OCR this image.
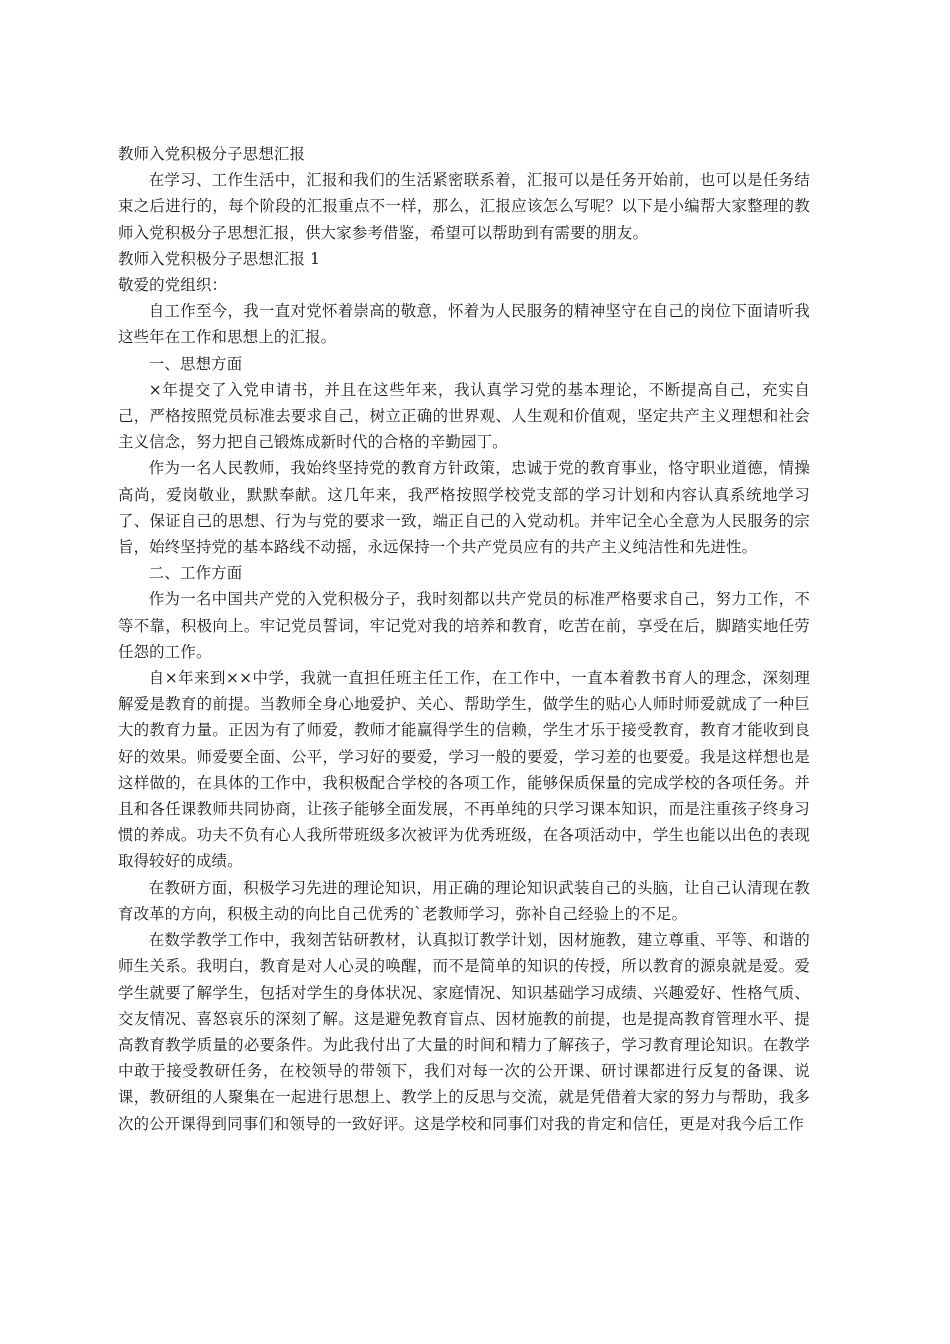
教师入党积极分子思想汇报

在学习、工作生活中，汇报和我们的生活紧密联系着，汇报可以是任务开始前，也可以是任务结束之后进行的，每个阶段的汇报重点不一样，那么，汇报应该怎么写呢？以下是小编帮大家整理的教师入党积极分子思想汇报，供大家参考借鉴，希望可以帮助到有需要的朋友。

教师入党积极分子思想汇报 1

敬爱的党组织：

自工作至今，我一直对党怀着崇高的敬意，怀着为人民服务的精神坚守在自己的岗位下面请听我这些年在工作和思想上的汇报。

一、思想方面

×年提交了入党申请书，并且在这些年来，我认真学习党的基本理论，不断提高自己，充实自己，严格按照党员标准去要求自己，树立正确的世界观、人生观和价值观，坚定共产主义理想和社会主义信念，努力把自己锻炼成新时代的合格的辛勤园丁。

作为一名人民教师，我始终坚持党的教育方针政策，忠诚于党的教育事业，恪守职业道德，情操高尚，爱岗敬业，默默奉献。这几年来，我严格按照学校党支部的学习计划和内容认真系统地学习了、保证自己的思想、行为与党的要求一致，端正自己的入党动机。并牢记全心全意为人民服务的宗旨，始终坚持党的基本路线不动摇，永远保持一个共产党员应有的共产主义纯洁性和先进性。

二、工作方面

作为一名中国共产党的入党积极分子，我时刻都以共产党员的标准严格要求自己，努力工作，不等不靠，积极向上。牢记党员誓词，牢记党对我的培养和教育，吃苦在前，享受在后，脚踏实地任劳任怨的工作。

自×年来到××中学，我就一直担任班主任工作，在工作中，一直本着教书育人的理念，深刻理解爱是教育的前提。当教师全身心地爱护、关心、帮助学生，做学生的贴心人师时师爱就成了一种巨大的教育力量。正因为有了师爱，教师才能赢得学生的信赖，学生才乐于接受教育，教育才能收到良好的效果。师爱要全面、公平，学习好的要爱，学习一般的要爱，学习差的也要爱。我是这样想也是这样做的，在具体的工作中，我积极配合学校的各项工作，能够保质保量的完成学校的各项任务。并且和各任课教师共同协商，让孩子能够全面发展，不再单纯的只学习课本知识，而是注重孩子终身习惯的养成。功夫不负有心人我所带班级多次被评为优秀班级，在各项活动中，学生也能以出色的表现取得较好的成绩。

在教研方面，积极学习先进的理论知识，用正确的理论知识武装自己的头脑，让自己认清现在教育改革的方向，积极主动的向比自己优秀的`老教师学习，弥补自己经验上的不足。

在数学教学工作中，我刻苦钻研教材，认真拟订教学计划，因材施教，建立尊重、平等、和谐的师生关系。我明白，教育是对人心灵的唤醒，而不是简单的知识的传授，所以教育的源泉就是爱。爱学生就要了解学生，包括对学生的身体状况、家庭情况、知识基础学习成绩、兴趣爱好、性格气质、交友情况、喜怒哀乐的深刻了解。这是避免教育盲点、因材施教的前提，也是提高教育管理水平、提高教育教学质量的必要条件。为此我付出了大量的时间和精力了解孩子，学习教育理论知识。在教学中敢于接受教研任务，在校领导的带领下，我们对每一次的公开课、研讨课都进行反复的备课、说课，教研组的人聚集在一起进行思想上、教学上的反思与交流，就是凭借着大家的努力与帮助，我多次的公开课得到同事们和领导的一致好评。这是学校和同事们对我的肯定和信任，更是对我今后工作
